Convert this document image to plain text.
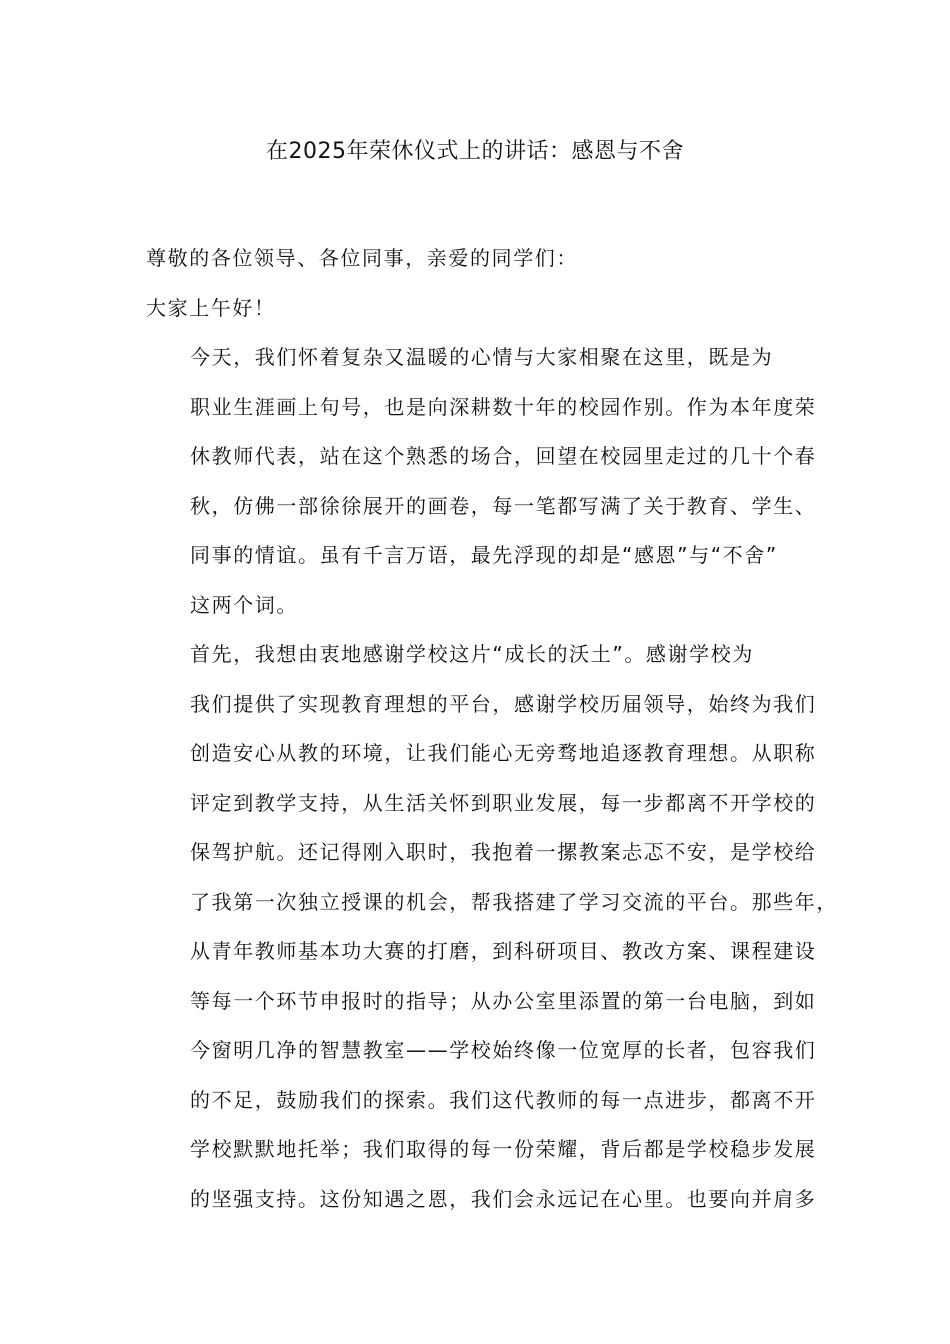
在2025年荣休仪式上的讲话：感恩与不舍

尊敬的各位领导、各位同事，亲爱的同学们：

大家上午好！

今天，我们怀着复杂又温暖的心情与大家相聚在这里，既是为
职业生涯画上句号，也是向深耕数十年的校园作别。作为本年度荣
休教师代表，站在这个熟悉的场合，回望在校园里走过的几十个春
秋，仿佛一部徐徐展开的画卷，每一笔都写满了关于教育、学生、
同事的情谊。虽有千言万语，最先浮现的却是“感恩”与“不舍”
这两个词。

首先，我想由衷地感谢学校这片“成长的沃土”。感谢学校为
我们提供了实现教育理想的平台，感谢学校历届领导，始终为我们
创造安心从教的环境，让我们能心无旁骛地追逐教育理想。从职称
评定到教学支持，从生活关怀到职业发展，每一步都离不开学校的
保驾护航。还记得刚入职时，我抱着一摞教案忐忑不安，是学校给
了我第一次独立授课的机会，帮我搭建了学习交流的平台。那些年，
从青年教师基本功大赛的打磨，到科研项目、教改方案、课程建设
等每一个环节申报时的指导；从办公室里添置的第一台电脑，到如
今窗明几净的智慧教室——学校始终像一位宽厚的长者，包容我们
的不足，鼓励我们的探索。我们这代教师的每一点进步，都离不开
学校默默地托举；我们取得的每一份荣耀，背后都是学校稳步发展
的坚强支持。这份知遇之恩，我们会永远记在心里。也要向并肩多
